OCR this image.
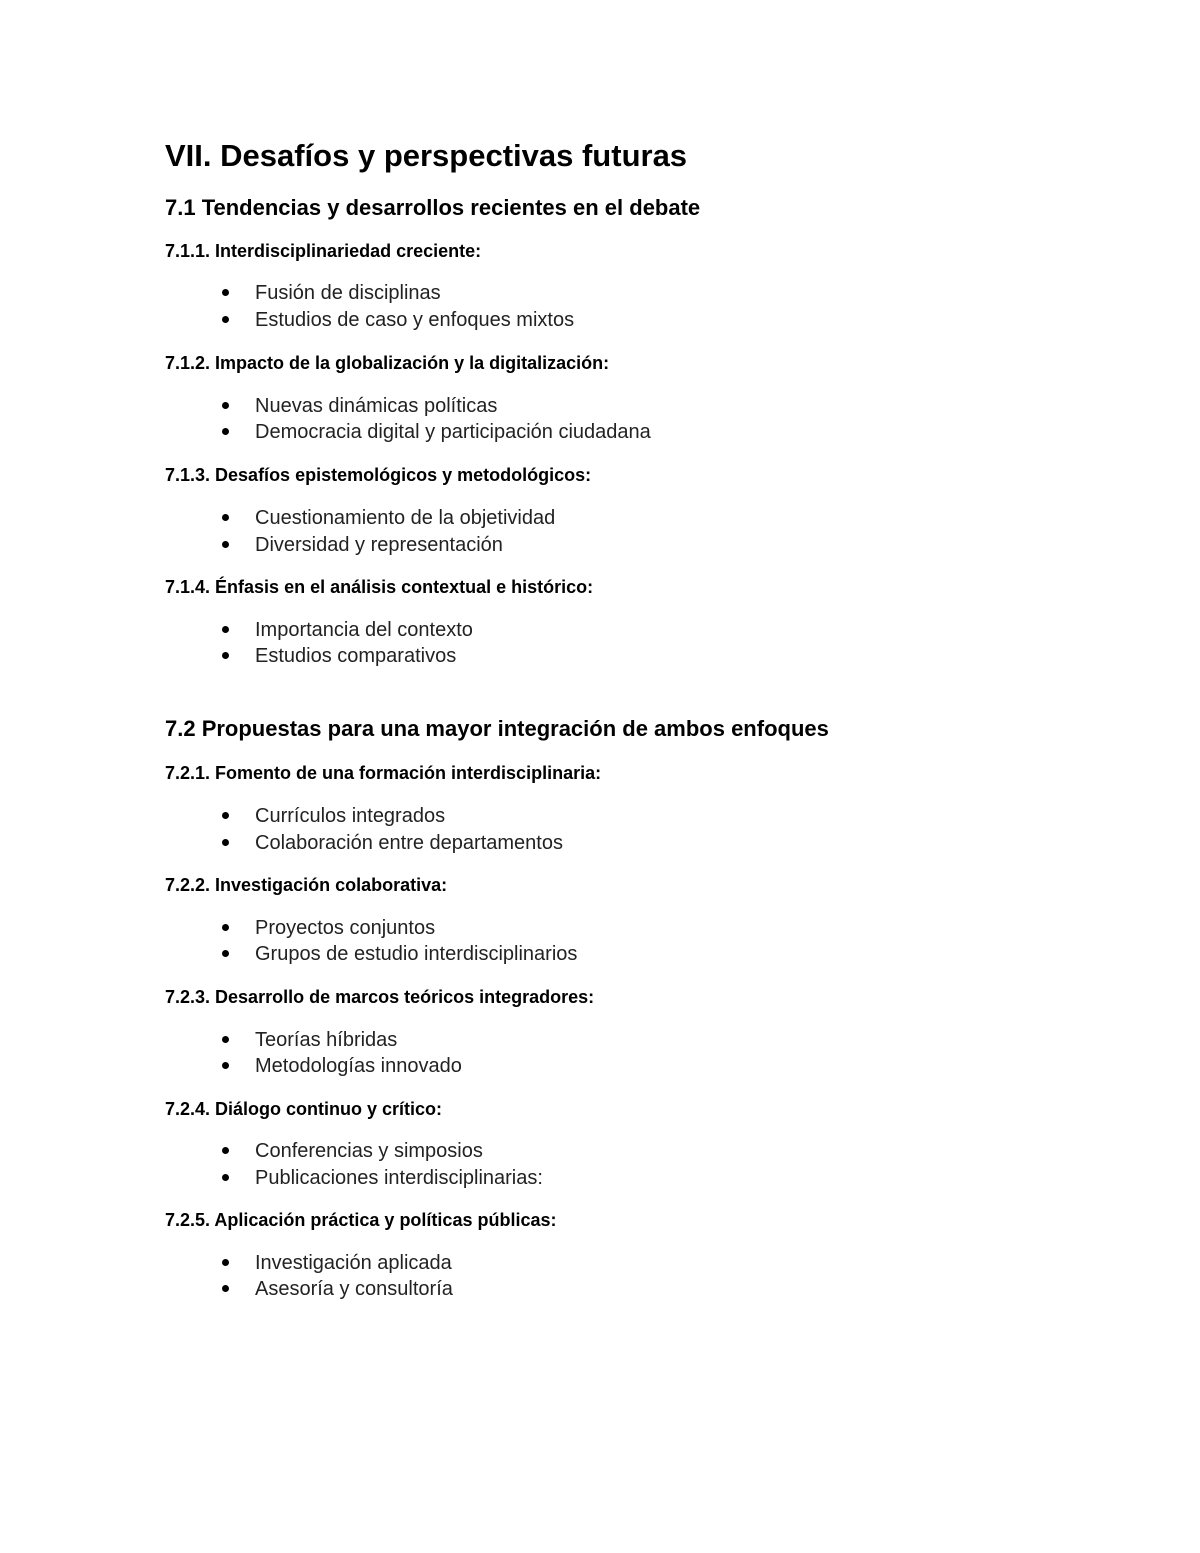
VII. Desafíos y perspectivas futuras
7.1 Tendencias y desarrollos recientes en el debate
7.1.1. Interdisciplinariedad creciente:
Fusión de disciplinas
Estudios de caso y enfoques mixtos
7.1.2. Impacto de la globalización y la digitalización:
Nuevas dinámicas políticas
Democracia digital y participación ciudadana
7.1.3. Desafíos epistemológicos y metodológicos:
Cuestionamiento de la objetividad
Diversidad y representación
7.1.4. Énfasis en el análisis contextual e histórico:
Importancia del contexto
Estudios comparativos
7.2 Propuestas para una mayor integración de ambos enfoques
7.2.1. Fomento de una formación interdisciplinaria:
Currículos integrados
Colaboración entre departamentos
7.2.2. Investigación colaborativa:
Proyectos conjuntos
Grupos de estudio interdisciplinarios
7.2.3. Desarrollo de marcos teóricos integradores:
Teorías híbridas
Metodologías innovado
7.2.4. Diálogo continuo y crítico:
Conferencias y simposios
Publicaciones interdisciplinarias:
7.2.5. Aplicación práctica y políticas públicas:
Investigación aplicada
Asesoría y consultoría
